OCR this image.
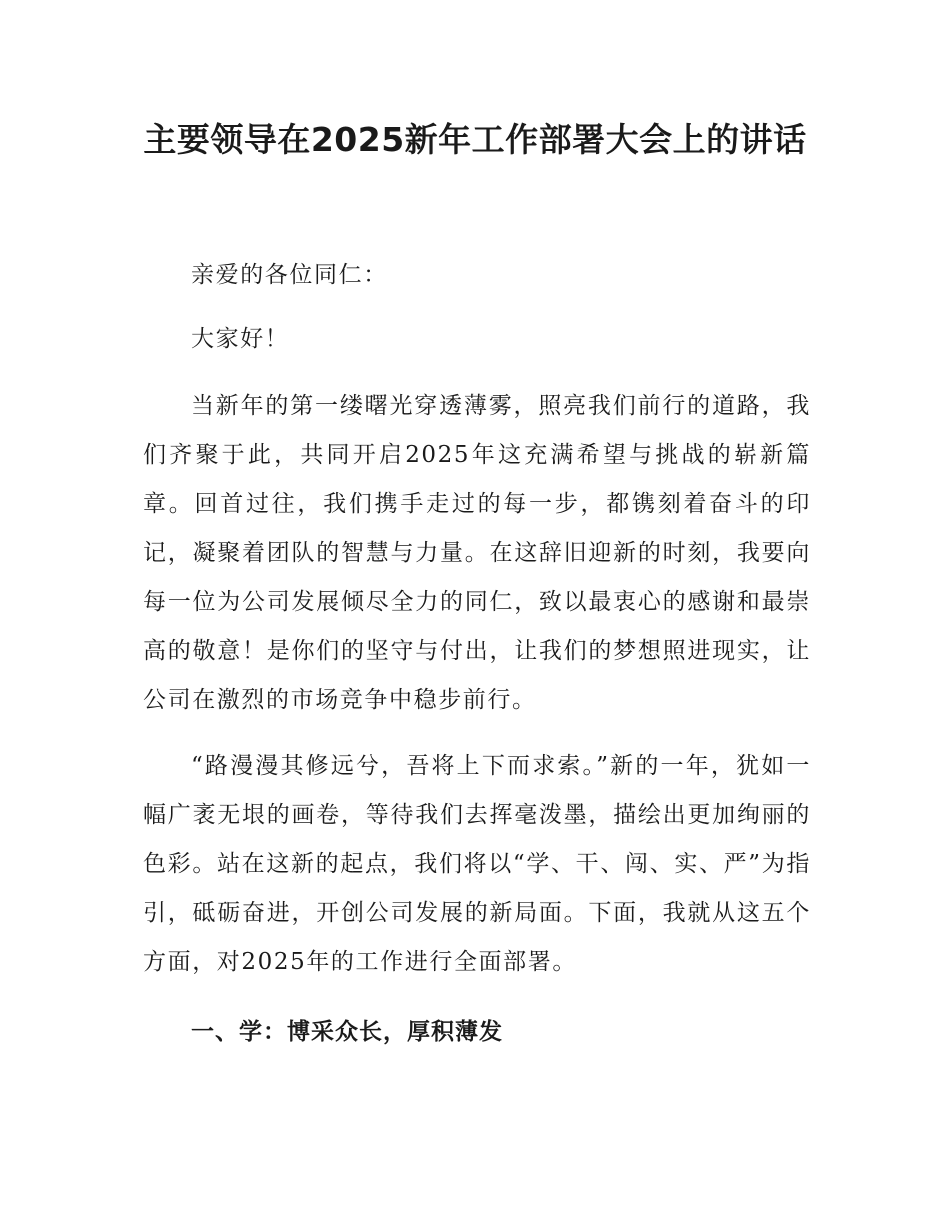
主要领导在2025新年工作部署大会上的讲话

亲爱的各位同仁：

大家好！

当新年的第一缕曙光穿透薄雾，照亮我们前行的道路，我们齐聚于此，共同开启2025年这充满希望与挑战的崭新篇章。回首过往，我们携手走过的每一步，都镌刻着奋斗的印记，凝聚着团队的智慧与力量。在这辞旧迎新的时刻，我要向每一位为公司发展倾尽全力的同仁，致以最衷心的感谢和最崇高的敬意！是你们的坚守与付出，让我们的梦想照进现实，让公司在激烈的市场竞争中稳步前行。

“路漫漫其修远兮，吾将上下而求索。”新的一年，犹如一幅广袤无垠的画卷，等待我们去挥毫泼墨，描绘出更加绚丽的色彩。站在这新的起点，我们将以“学、干、闯、实、严”为指引，砥砺奋进，开创公司发展的新局面。下面，我就从这五个方面，对2025年的工作进行全面部署。

一、学：博采众长，厚积薄发
